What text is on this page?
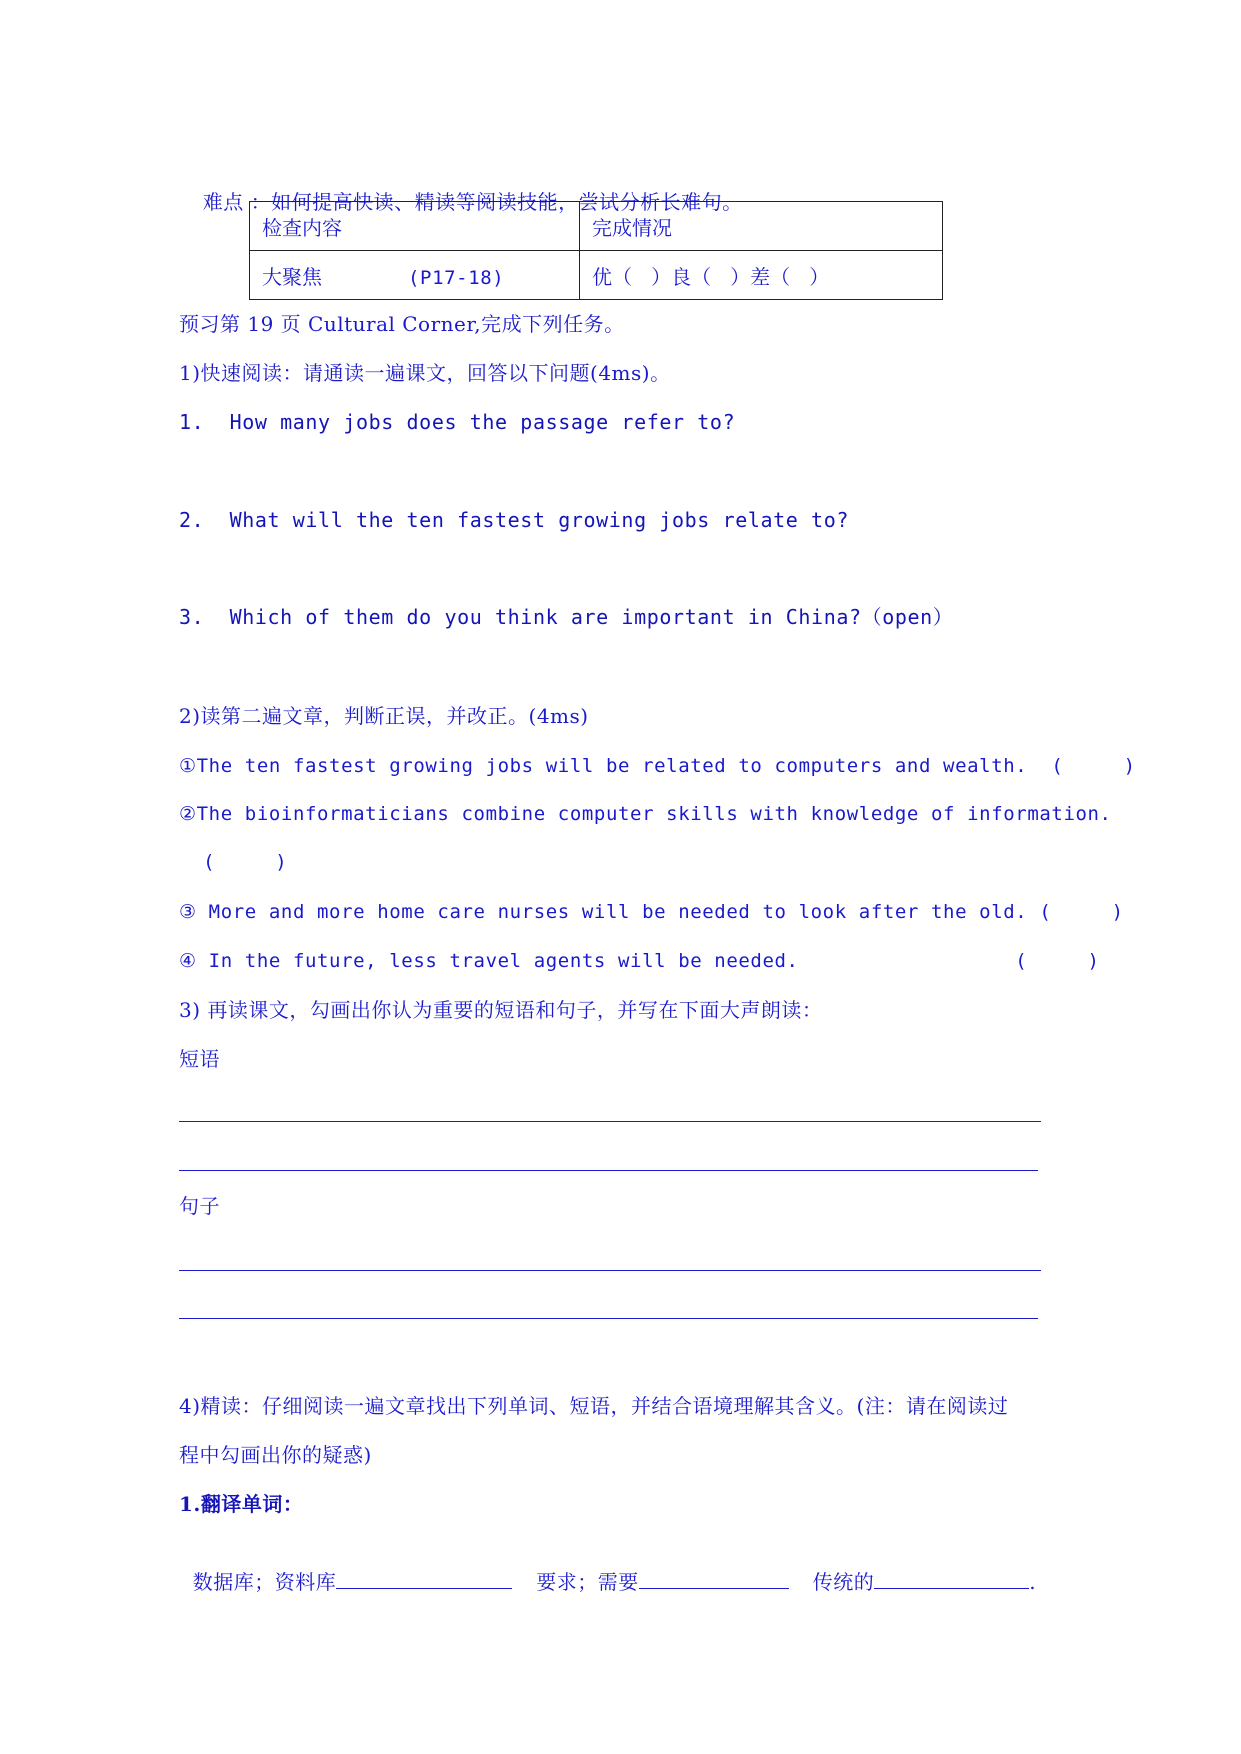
难点 ：如何提高快读、精读等阅读技能，尝试分析长难句。

检查内容	完成情况
大聚焦 (P17-18)	优（   ）良（   ）差（   ）
预习第 19 页 Cultural Corner,完成下列任务。
1)快速阅读：请通读一遍课文，回答以下问题(4ms)。
1.  How many jobs does the passage refer to?
2.  What will the ten fastest growing jobs relate to?
3.  Which of them do you think are important in China?（open）
2)读第二遍文章，判断正误，并改正。(4ms)
①The ten fastest growing jobs will be related to computers and wealth.  (     )
②The bioinformaticians combine computer skills with knowledge of information.
(     )
③ More and more home care nurses will be needed to look after the old. (     )
④ In the future, less travel agents will be needed.                  (     )
3) 再读课文，勾画出你认为重要的短语和句子，并写在下面大声朗读：
短语
句子
4)精读：仔细阅读一遍文章找出下列单词、短语，并结合语境理解其含义。(注：请在阅读过
程中勾画出你的疑惑)
1.翻译单词：

数据库；资料库	要求；需要	传统的	.
